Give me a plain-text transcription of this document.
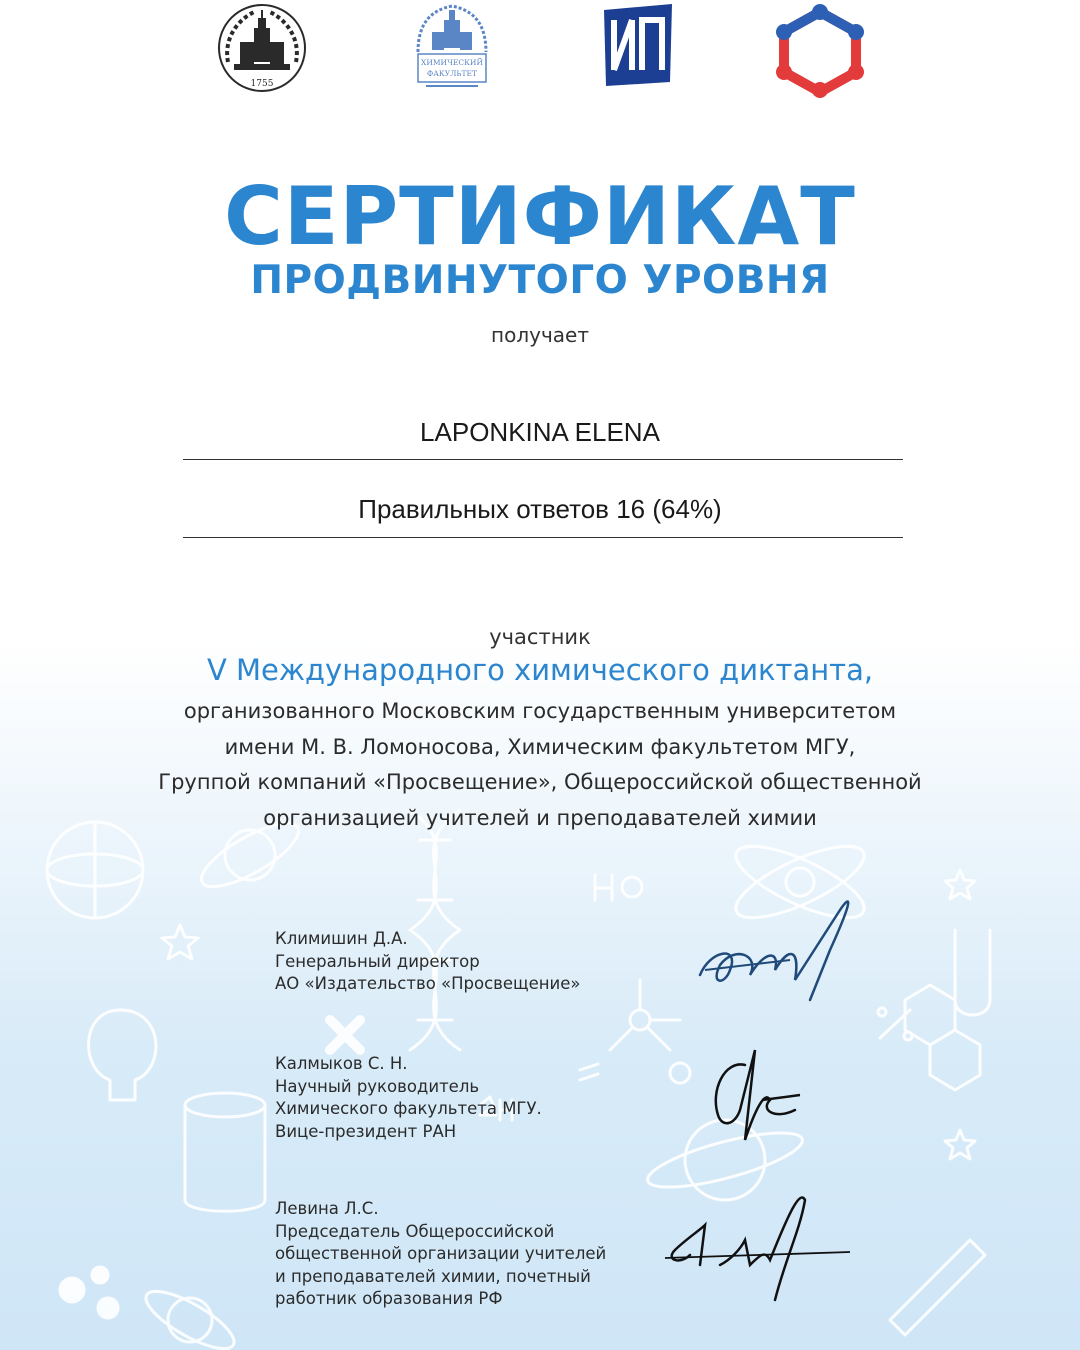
1755
ХИМИЧЕСКИЙ
ФАКУЛЬТЕТ
СЕРТИФИКАТ
ПРОДВИНУТОГО УРОВНЯ
получает
LAPONKINA ELENA
Правильных ответов 16 (64%)
участник
V Международного химического диктанта,
организованного Московским государственным университетом
имени М. В. Ломоносова, Химическим факультетом МГУ,
Группой компаний «Просвещение», Общероссийской общественной
организацией учителей и преподавателей химии
Климишин Д.А.
Генеральный директор
АО «Издательство «Просвещение»
Калмыков С. Н.
Научный руководитель
Химического факультета МГУ.
Вице-президент РАН
Левина Л.С.
Председатель Общероссийской
общественной организации учителей
и преподавателей химии, почетный
работник образования РФ
